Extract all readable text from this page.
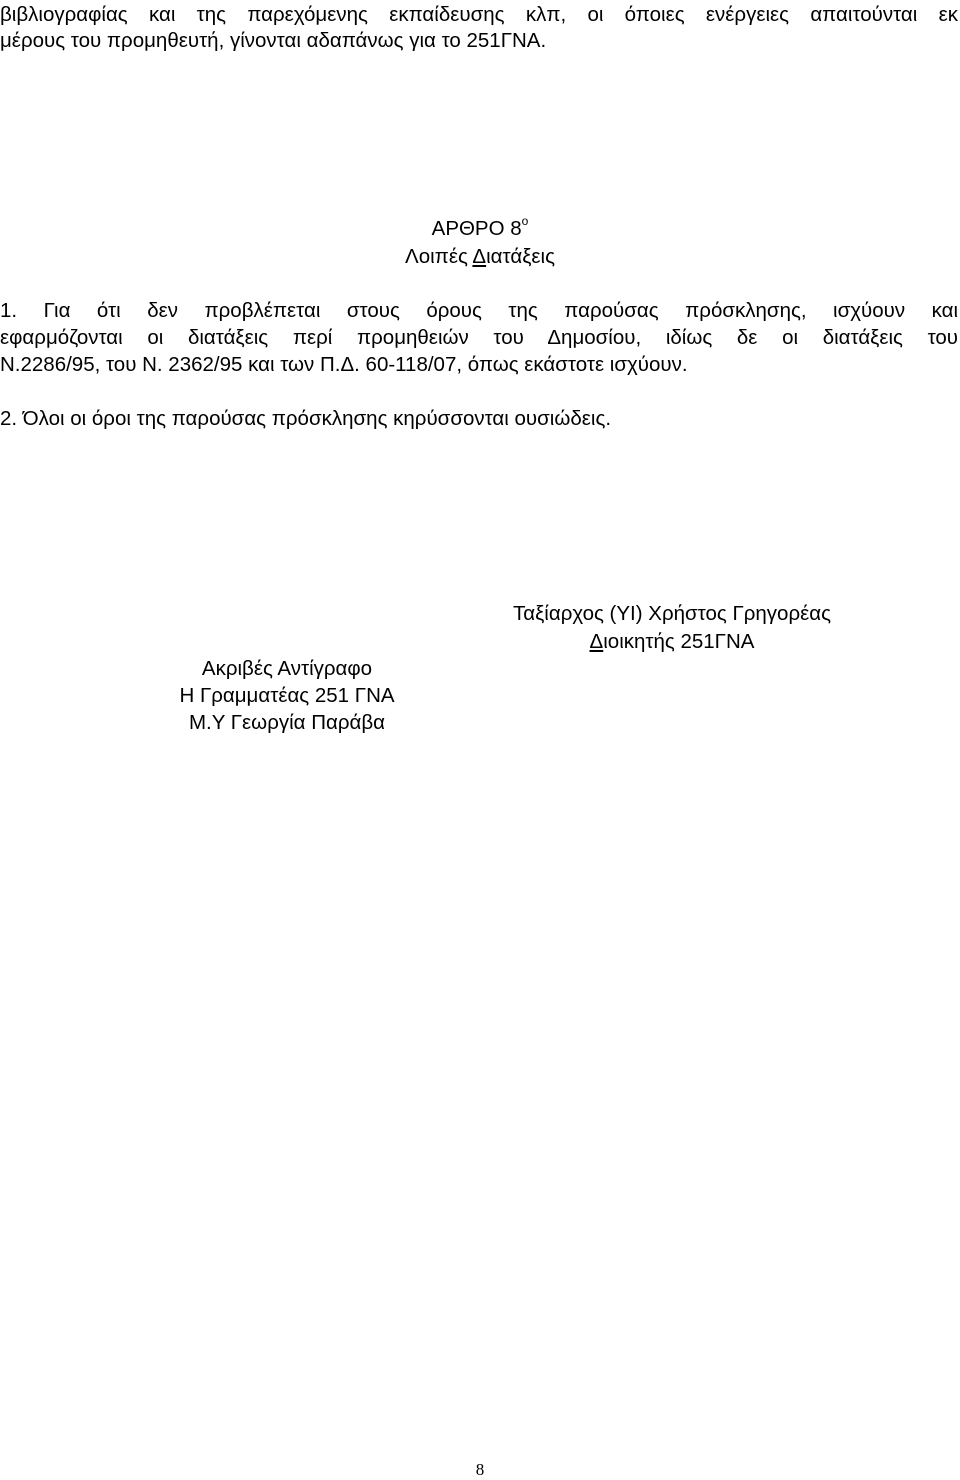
βιβλιογραφίας και της παρεχόμενης εκπαίδευσης κλπ, οι όποιες ενέργειες απαιτούνται εκ
μέρους του προμηθευτή, γίνονται αδαπάνως για το 251ΓΝΑ.
ΑΡΘΡΟ $8^o$
Λοιπές Διατάξεις
1. Για ότι δεν προβλέπεται στους όρους της παρούσας πρόσκλησης, ισχύουν και
εφαρμόζονται οι διατάξεις περί προμηθειών του Δημοσίου, ιδίως δε οι διατάξεις του
Ν.2286/95, του Ν. 2362/95 και των Π.Δ. 60-118/07, όπως εκάστοτε ισχύουν.
2. Όλοι οι όροι της παρούσας πρόσκλησης κηρύσσονται ουσιώδεις.
Ταξίαρχος (ΥΙ) Χρήστος Γρηγορέας
Διοικητής 251ΓΝΑ
Ακριβές Αντίγραφο
Η Γραμματέας 251 ΓΝΑ
Μ.Υ Γεωργία Παράβα
8
